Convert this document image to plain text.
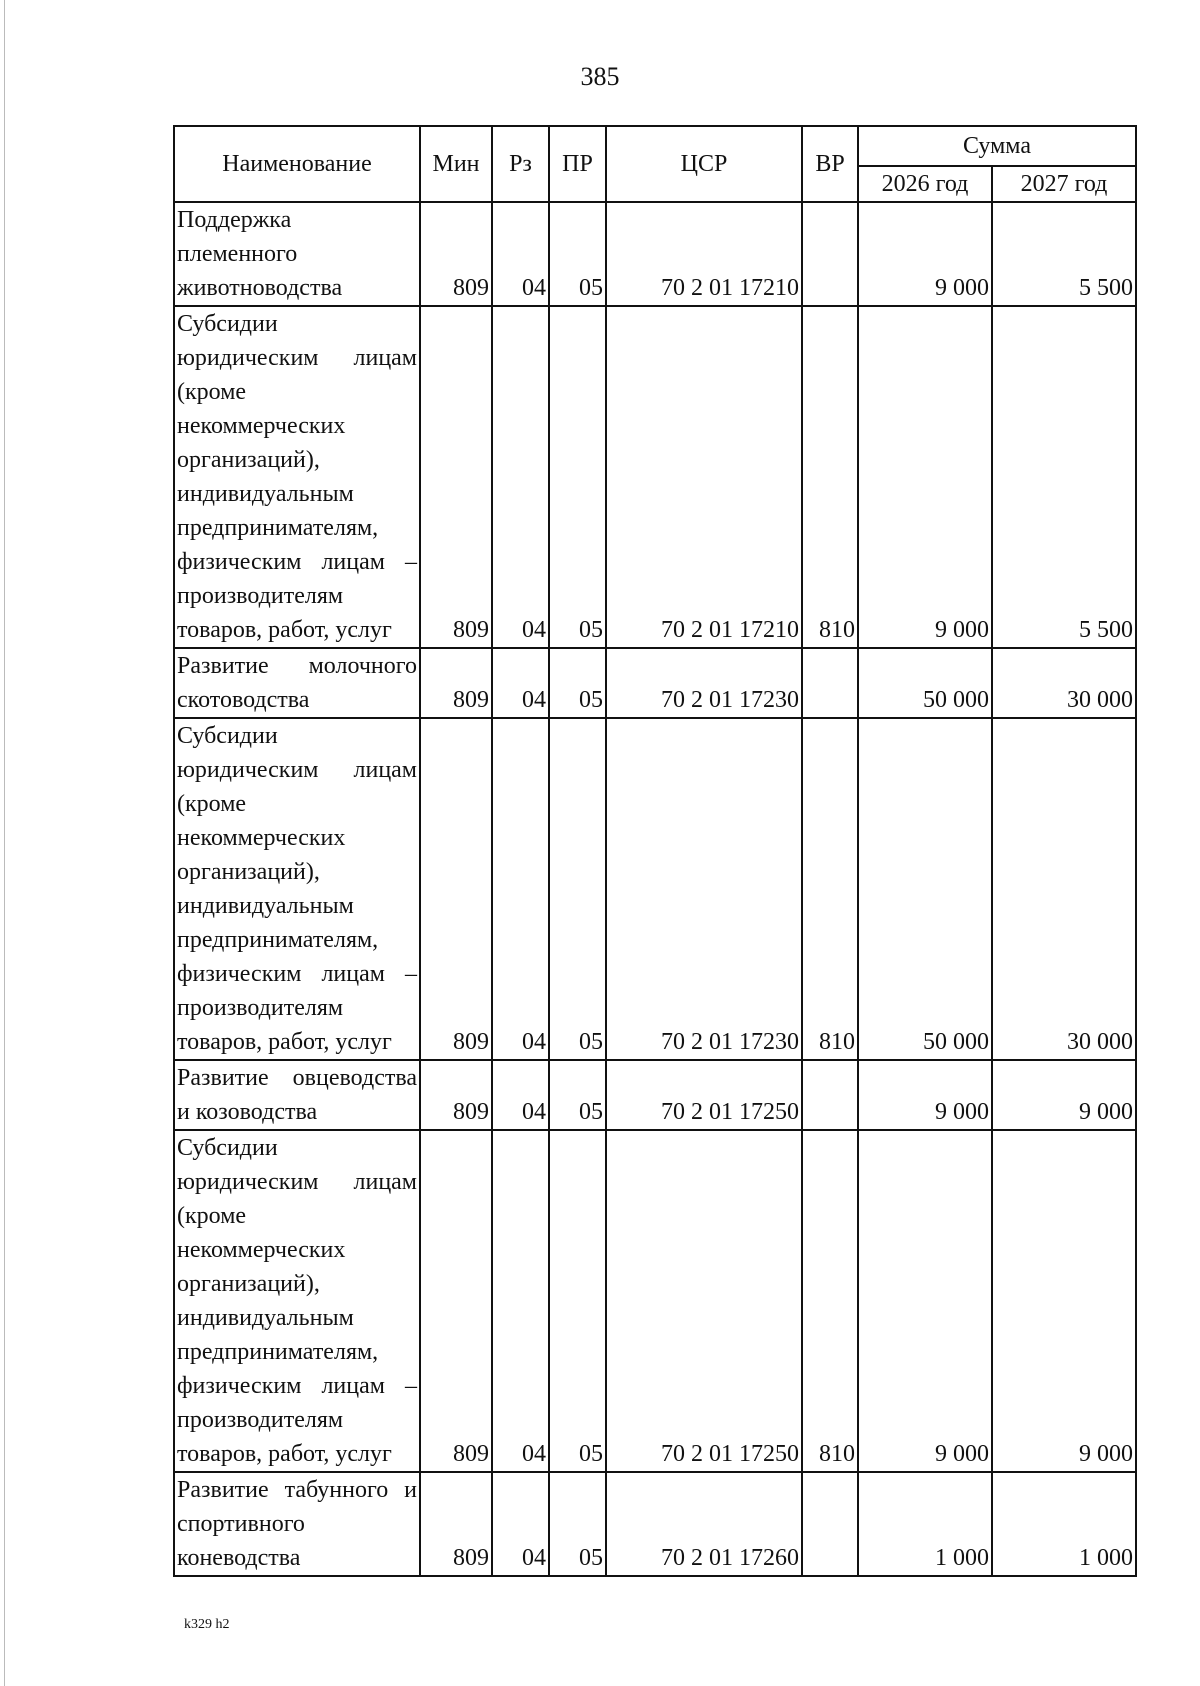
385
Наименование	Мин	Рз	ПР	ЦСР	ВР	Сумма	
						2026 год	2027 год
Поддержка племенного животноводства	809	04	05	70 2 01 17210		9 000	5 500
Субсидии юридическим лицам (кроме некоммерческих организаций), индивидуальным предпринимателям, физическим лицам – производителям товаров, работ, услуг	809	04	05	70 2 01 17210	810	9 000	5 500
Развитие молочного скотоводства	809	04	05	70 2 01 17230		50 000	30 000
Субсидии юридическим лицам (кроме некоммерческих организаций), индивидуальным предпринимателям, физическим лицам – производителям товаров, работ, услуг	809	04	05	70 2 01 17230	810	50 000	30 000
Развитие овцеводства и козоводства	809	04	05	70 2 01 17250		9 000	9 000
Субсидии юридическим лицам (кроме некоммерческих организаций), индивидуальным предпринимателям, физическим лицам – производителям товаров, работ, услуг	809	04	05	70 2 01 17250	810	9 000	9 000
Развитие табунного и спортивного коневодства	809	04	05	70 2 01 17260		1 000	1 000
k329 h2
